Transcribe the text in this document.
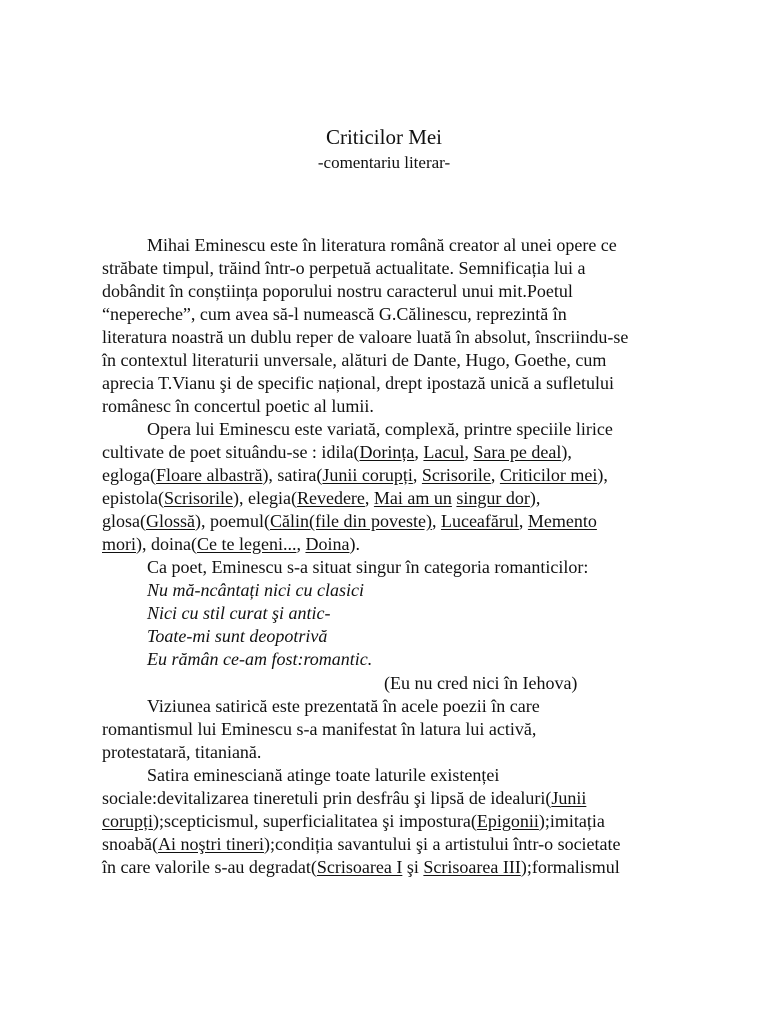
Criticilor Mei
-comentariu literar-
Mihai Eminescu este în literatura română creator al unei opere ce
străbate timpul, trăind într-o perpetuă actualitate. Semnificația lui a
dobândit în conștiința poporului nostru caracterul unui mit.Poetul
“nepereche”, cum avea să-l numească G.Călinescu, reprezintă în
literatura noastră un dublu reper de valoare luată în absolut, înscriindu-se
în contextul literaturii unversale, alături de Dante, Hugo, Goethe, cum
aprecia T.Vianu şi de specific național, drept ipostază unică a sufletului
românesc în concertul poetic al lumii.
Opera lui Eminescu este variată, complexă, printre speciile lirice
cultivate de poet situându-se : idila(Dorința, Lacul, Sara pe deal),
egloga(Floare albastră), satira(Junii corupți, Scrisorile, Criticilor mei),
epistola(Scrisorile), elegia(Revedere, Mai am un singur dor),
glosa(Glossă), poemul(Călin(file din poveste), Luceafărul, Memento
mori), doina(Ce te legeni..., Doina).
Ca poet, Eminescu s-a situat singur în categoria romanticilor:
Nu mă-ncântați nici cu clasici
Nici cu stil curat şi antic-
Toate-mi sunt deopotrivă
Eu rămân ce-am fost:romantic.
(Eu nu cred nici în Iehova)
Viziunea satirică este prezentată în acele poezii în care
romantismul lui Eminescu s-a manifestat în latura lui activă,
protestatară, titaniană.
Satira eminesciană atinge toate laturile existenței
sociale:devitalizarea tineretuli prin desfrâu şi lipsă de idealuri(Junii
corupți);scepticismul, superficialitatea şi impostura(Epigonii);imitația
snoabă(Ai noştri tineri);condiția savantului şi a artistului într-o societate
în care valorile s-au degradat(Scrisoarea I şi Scrisoarea III);formalismul
